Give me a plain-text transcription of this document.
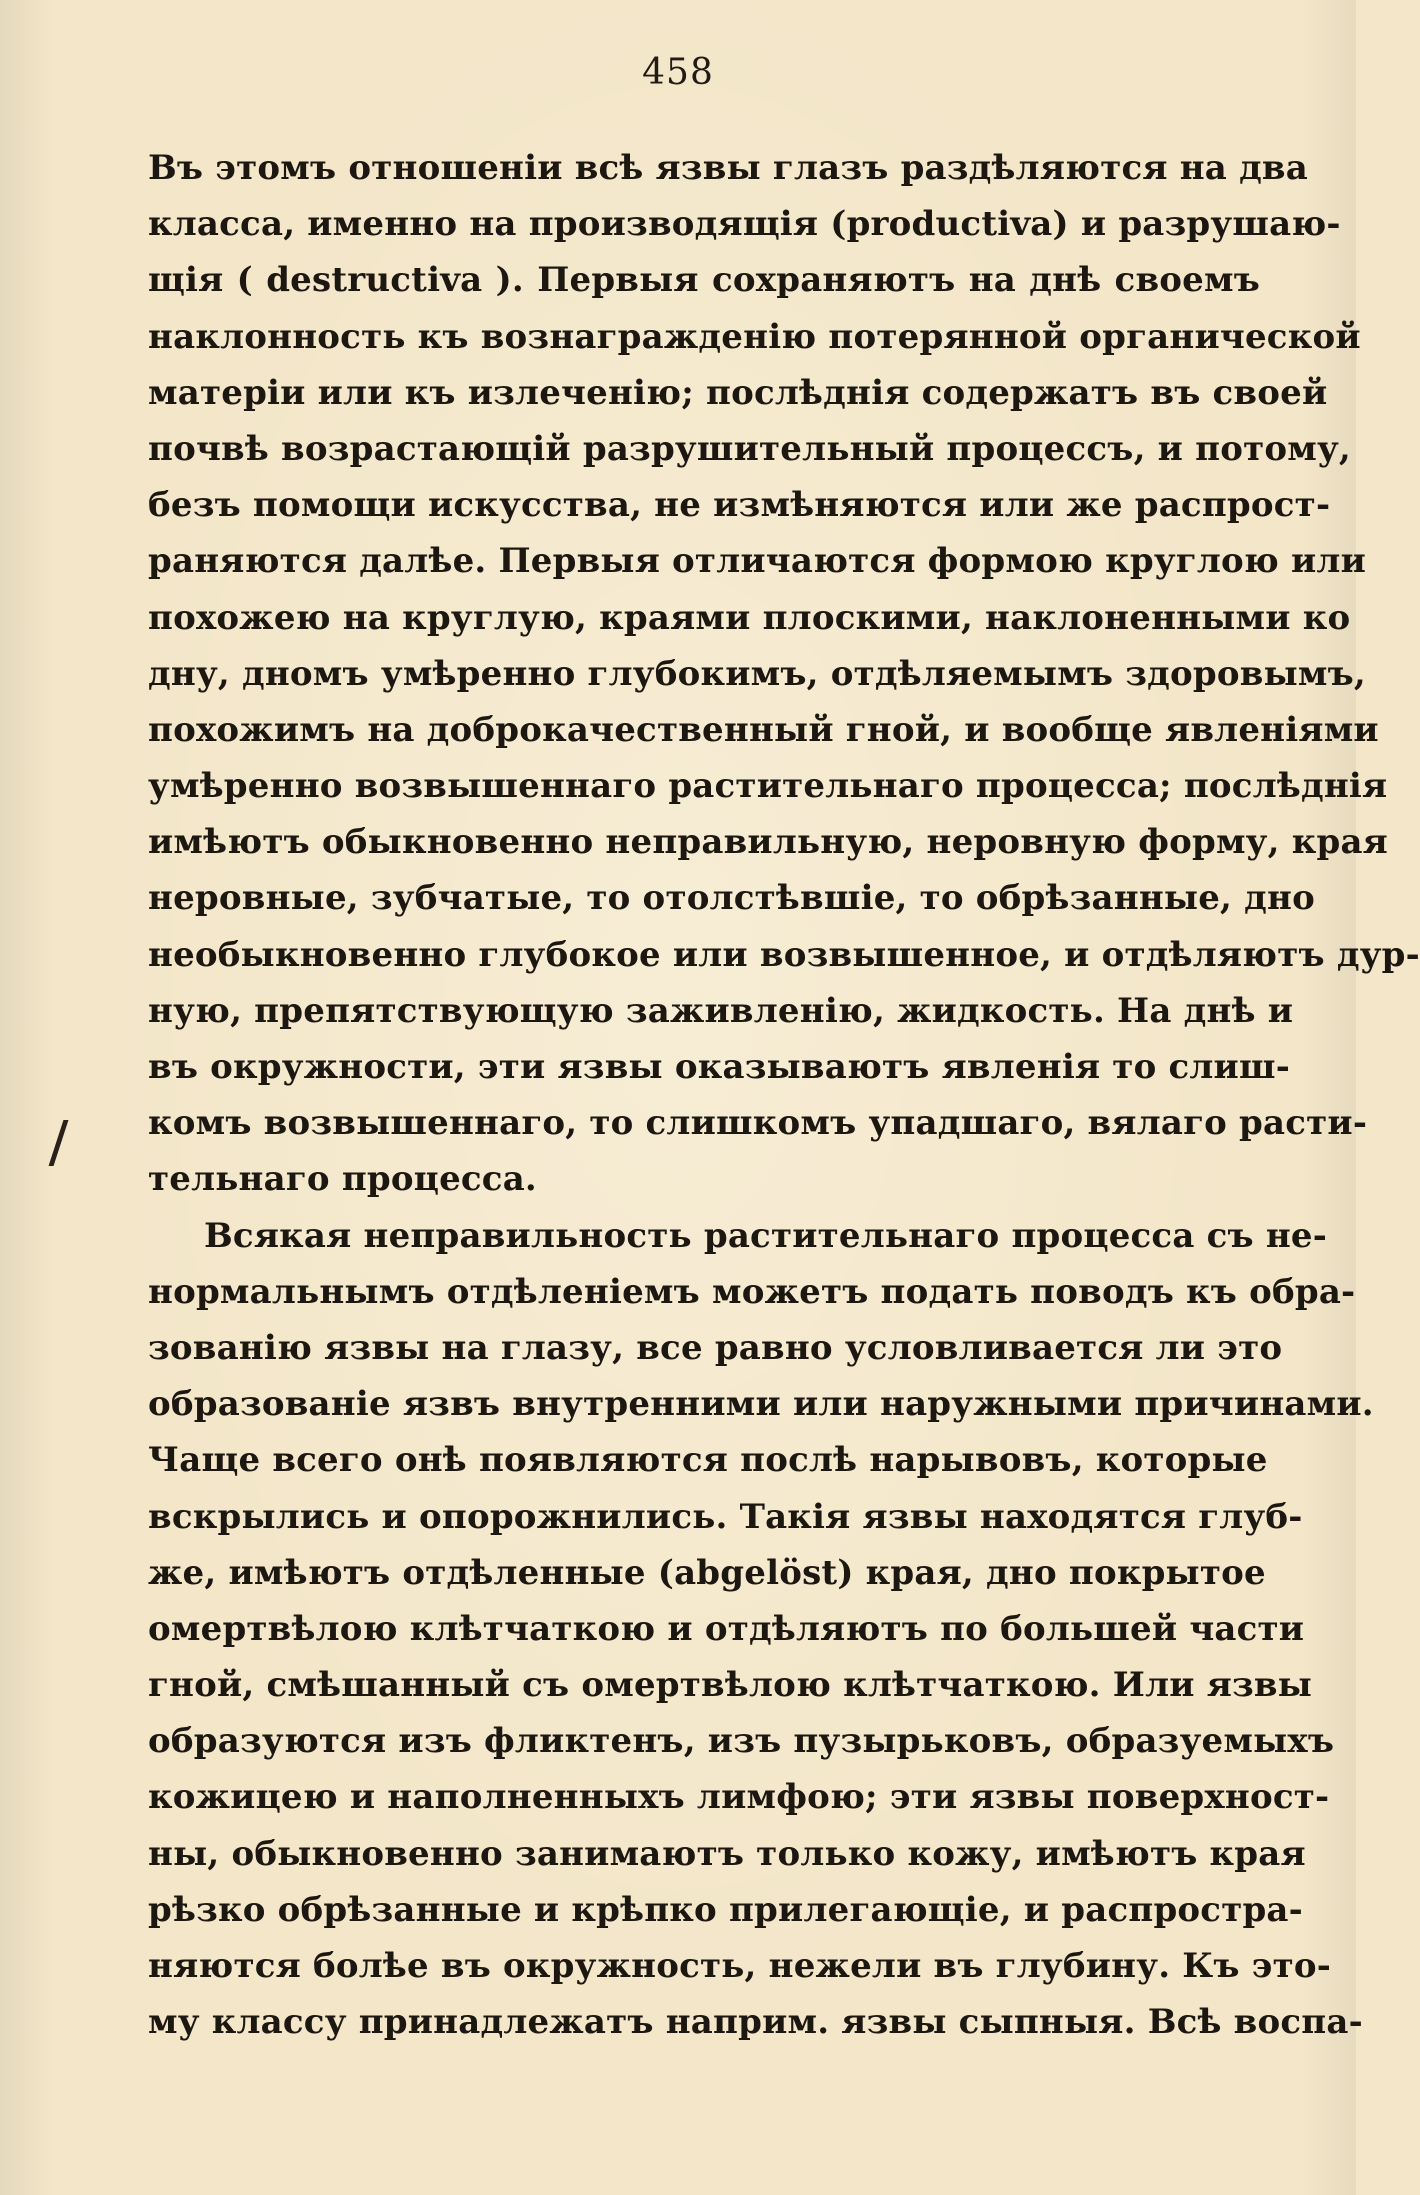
458
Въ этомъ отношенiи всѣ язвы глазъ раздѣляются на два
класса, именно на производящiя (productiva) и разрушаю-
щiя ( destructiva ). Первыя сохраняютъ на днѣ своемъ
наклонность къ вознагражденiю потерянной органической
матерiи или къ излеченiю; послѣднiя содержатъ въ своей
почвѣ возрастающiй разрушительный процессъ, и потому,
безъ помощи искусства, не измѣняются или же распрост-
раняются далѣе. Первыя отличаются формою круглою или
похожею на круглую, краями плоскими, наклоненными ко
дну, дномъ умѣренно глубокимъ, отдѣляемымъ здоровымъ,
похожимъ на доброкачественный гной, и вообще явленiями
умѣренно возвышеннаго растительнаго процесса; послѣднiя
имѣютъ обыкновенно неправильную, неровную форму, края
неровные, зубчатые, то отолстѣвшiе, то обрѣзанные, дно
необыкновенно глубокое или возвышенное, и отдѣляютъ дур-
ную, препятствующую заживленiю, жидкость. На днѣ и
въ окружности, эти язвы оказываютъ явленiя то слиш-
комъ возвышеннаго, то слишкомъ упадшаго, вялаго расти-
тельнаго процесса.
Всякая неправильность растительнаго процесса съ не-
нормальнымъ отдѣленiемъ можетъ подать поводъ къ обра-
зованiю язвы на глазу, все равно условливается ли это
образованiе язвъ внутренними или наружными причинами.
Чаще всего онѣ появляются послѣ нарывовъ, которые
вскрылись и опорожнились. Такiя язвы находятся глуб-
же, имѣютъ отдѣленные (abgelöst) края, дно покрытое
омертвѣлою клѣтчаткою и отдѣляютъ по большей части
гной, смѣшанный съ омертвѣлою клѣтчаткою. Или язвы
образуются изъ фликтенъ, изъ пузырьковъ, образуемыхъ
кожицею и наполненныхъ лимфою; эти язвы поверхност-
ны, обыкновенно занимаютъ только кожу, имѣютъ края
рѣзко обрѣзанные и крѣпко прилегающiе, и распростра-
няются болѣе въ окружность, нежели въ глубину. Къ это-
му классу принадлежатъ наприм. язвы сыпныя. Всѣ воспа-
